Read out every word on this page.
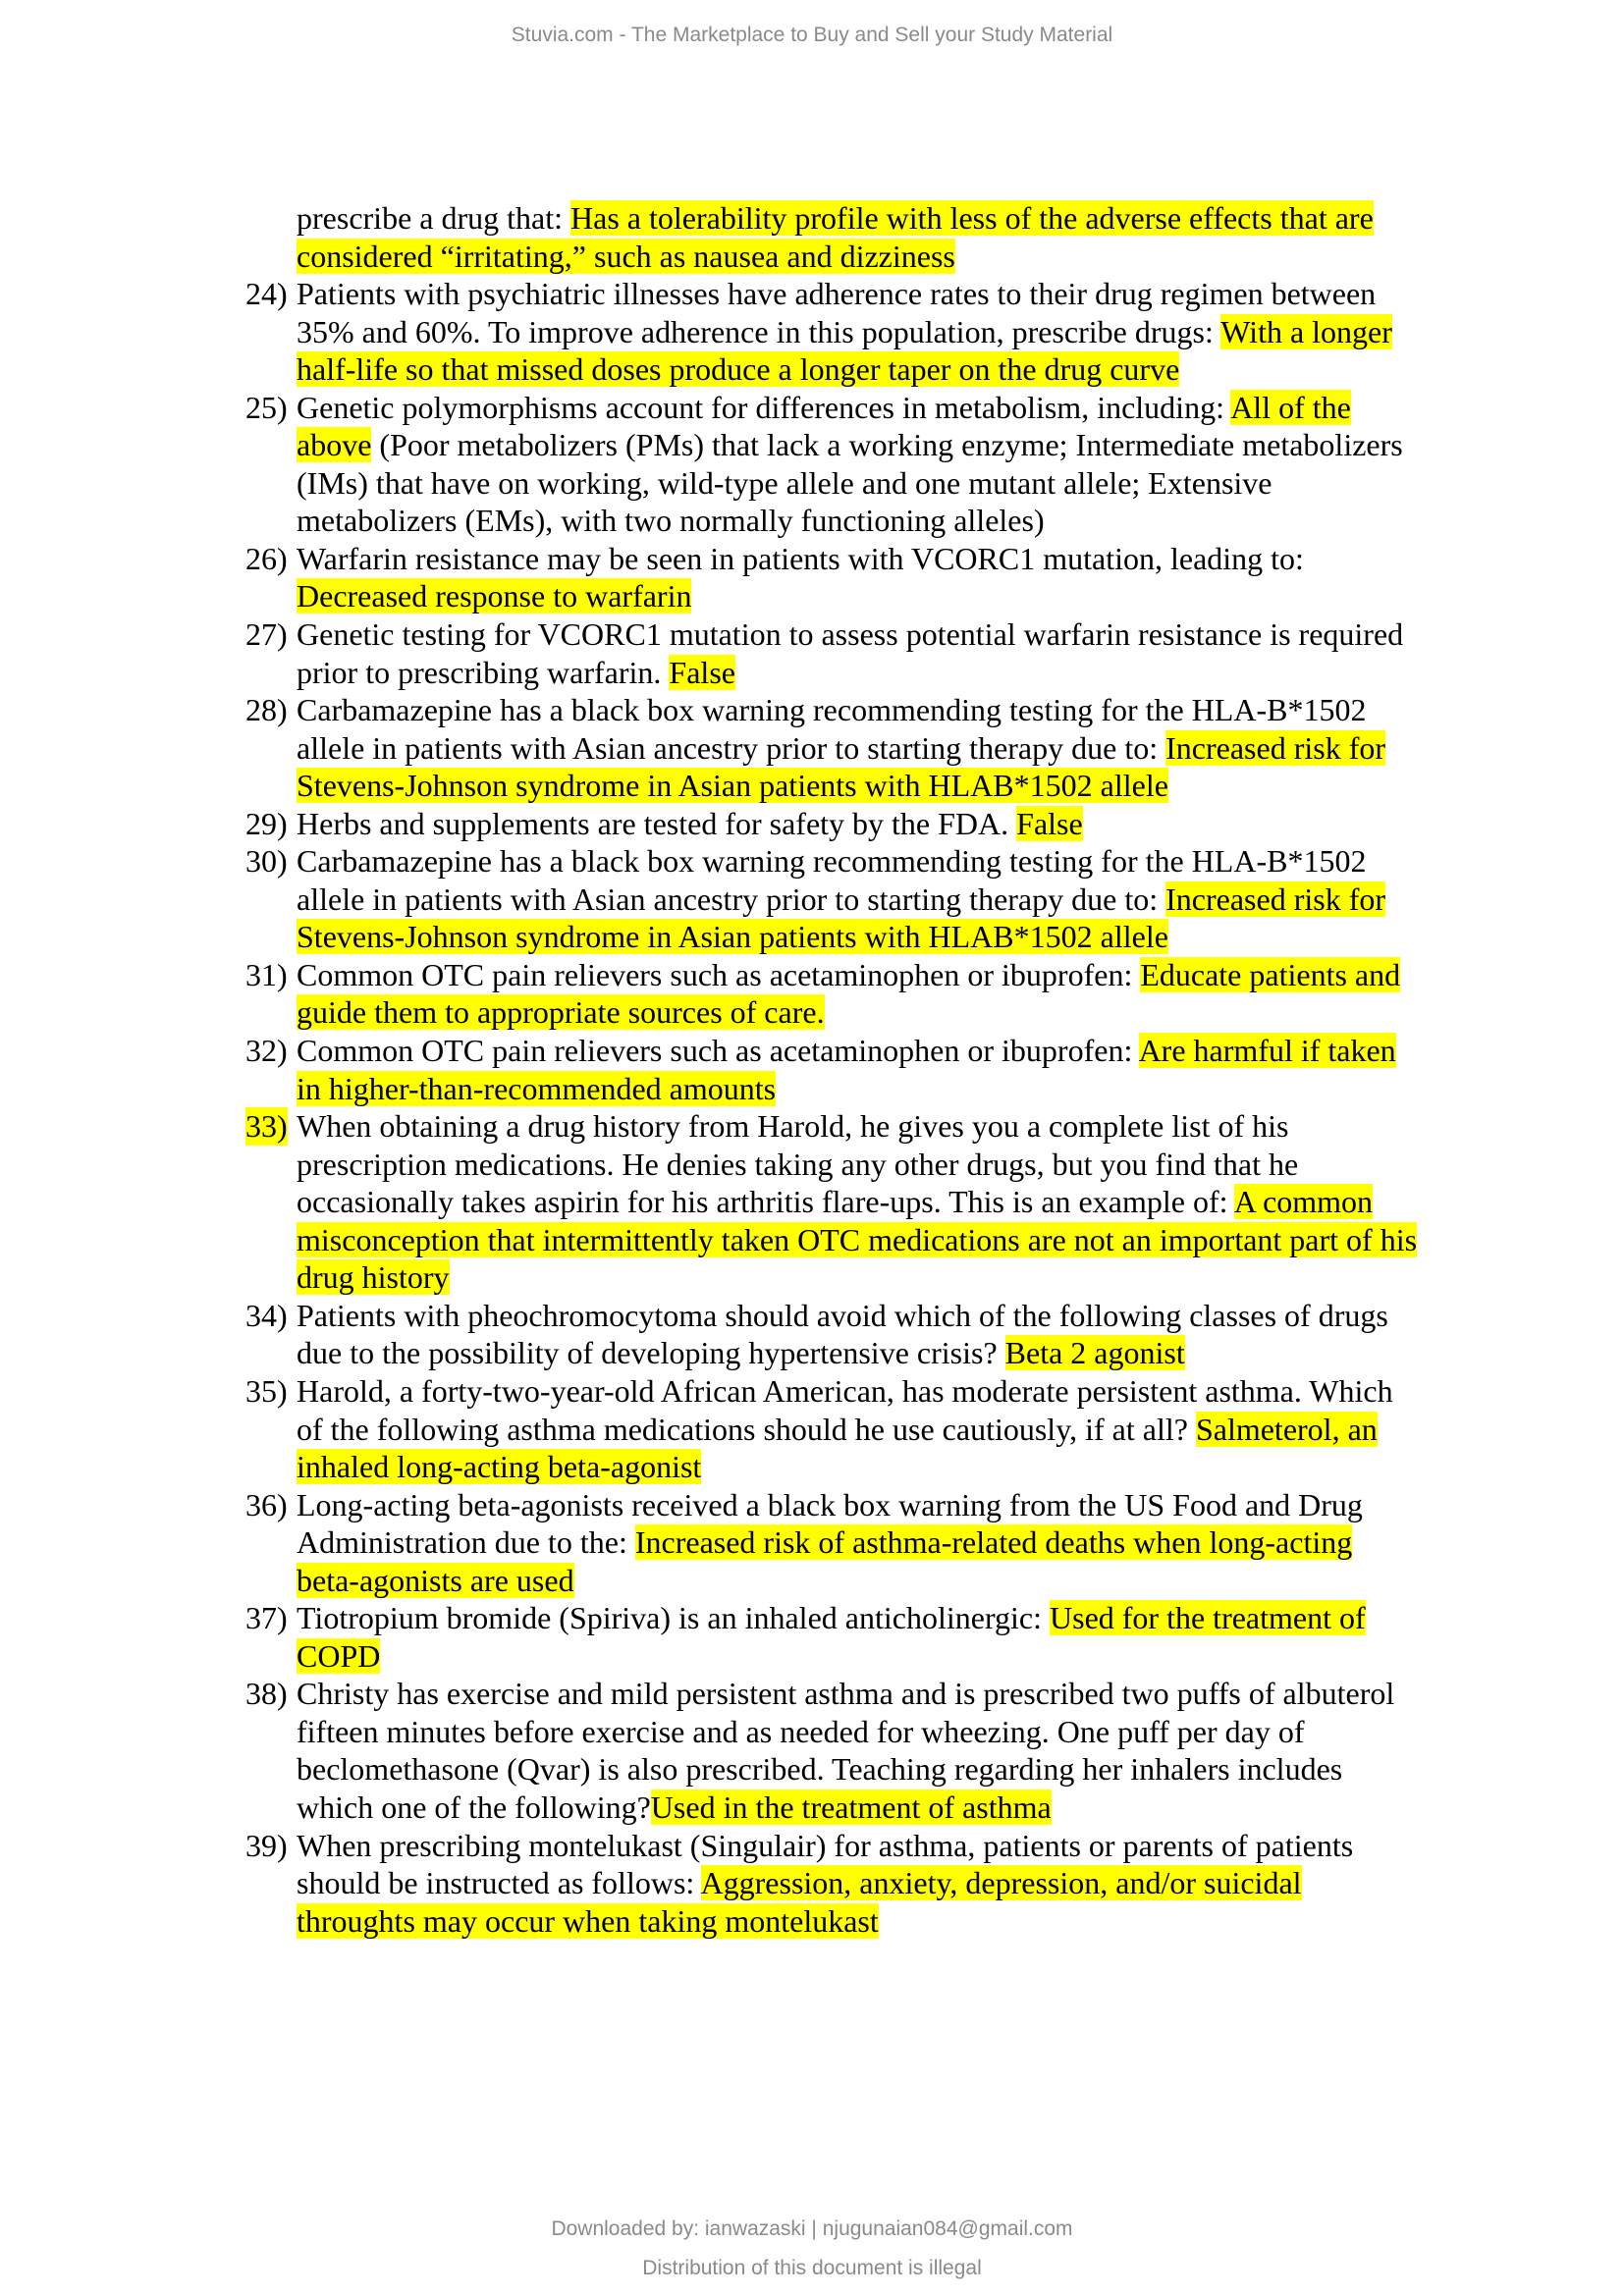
Stuvia.com - The Marketplace to Buy and Sell your Study Material
prescribe a drug that: Has a tolerability profile with less of the adverse effects that are
considered “irritating,” such as nausea and dizziness
24) Patients with psychiatric illnesses have adherence rates to their drug regimen between
35% and 60%. To improve adherence in this population, prescribe drugs: With a longer
half-life so that missed doses produce a longer taper on the drug curve
25) Genetic polymorphisms account for differences in metabolism, including: All of the
above (Poor metabolizers (PMs) that lack a working enzyme; Intermediate metabolizers
(IMs) that have on working, wild-type allele and one mutant allele; Extensive
metabolizers (EMs), with two normally functioning alleles)
26) Warfarin resistance may be seen in patients with VCORC1 mutation, leading to:
Decreased response to warfarin
27) Genetic testing for VCORC1 mutation to assess potential warfarin resistance is required
prior to prescribing warfarin. False
28) Carbamazepine has a black box warning recommending testing for the HLA-B*1502
allele in patients with Asian ancestry prior to starting therapy due to: Increased risk for
Stevens-Johnson syndrome in Asian patients with HLAB*1502 allele
29) Herbs and supplements are tested for safety by the FDA. False
30) Carbamazepine has a black box warning recommending testing for the HLA-B*1502
allele in patients with Asian ancestry prior to starting therapy due to: Increased risk for
Stevens-Johnson syndrome in Asian patients with HLAB*1502 allele
31) Common OTC pain relievers such as acetaminophen or ibuprofen: Educate patients and
guide them to appropriate sources of care.
32) Common OTC pain relievers such as acetaminophen or ibuprofen: Are harmful if taken
in higher-than-recommended amounts
33) When obtaining a drug history from Harold, he gives you a complete list of his
prescription medications. He denies taking any other drugs, but you find that he
occasionally takes aspirin for his arthritis flare-ups. This is an example of: A common
misconception that intermittently taken OTC medications are not an important part of his
drug history
34) Patients with pheochromocytoma should avoid which of the following classes of drugs
due to the possibility of developing hypertensive crisis? Beta 2 agonist
35) Harold, a forty-two-year-old African American, has moderate persistent asthma. Which
of the following asthma medications should he use cautiously, if at all? Salmeterol, an
inhaled long-acting beta-agonist
36) Long-acting beta-agonists received a black box warning from the US Food and Drug
Administration due to the: Increased risk of asthma-related deaths when long-acting
beta-agonists are used
37) Tiotropium bromide (Spiriva) is an inhaled anticholinergic: Used for the treatment of
COPD
38) Christy has exercise and mild persistent asthma and is prescribed two puffs of albuterol
fifteen minutes before exercise and as needed for wheezing. One puff per day of
beclomethasone (Qvar) is also prescribed. Teaching regarding her inhalers includes
which one of the following?Used in the treatment of asthma
39) When prescribing montelukast (Singulair) for asthma, patients or parents of patients
should be instructed as follows: Aggression, anxiety, depression, and/or suicidal
throughts may occur when taking montelukast
Downloaded by: ianwazaski | njugunaian084@gmail.com
Distribution of this document is illegal
